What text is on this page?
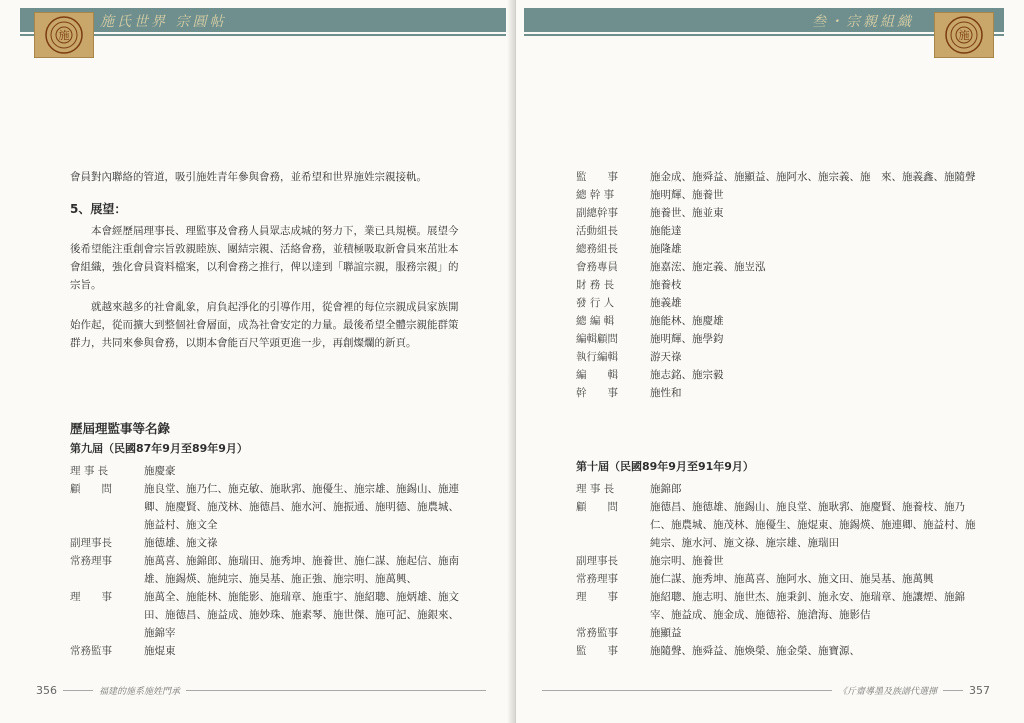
施
施氏世界 宗圓帖

會員對內聯絡的管道，吸引施姓青年參與會務，並希望和世界施姓宗親接軌。

5、展望：

本會經歷屆理事長、理監事及會務人員眾志成城的努力下，業已具規模。展望今後希望能注重創會宗旨敦親睦族、團結宗親、活絡會務，並積極吸取新會員來茁壯本會組織，強化會員資料檔案，以利會務之推行，俾以達到「聯誼宗親，服務宗親」的宗旨。

就越來越多的社會亂象，肩負起淨化的引導作用，從會裡的每位宗親成員家族開始作起，從而擴大到整個社會層面，成為社會安定的力量。最後希望全體宗親能群策群力，共同來參與會務，以期本會能百尺竿頭更進一步，再創燦爛的新頁。

歷屆理監事等名錄
第九屆（民國87年9月至89年9月）
理 事 長	施慶豪
顧　　問	施良堂、施乃仁、施克敏、施耿郛、施優生、施宗雄、施錫山、施連卿、施慶賢、施茂林、施德昌、施水河、施振通、施明德、施農城、施益村、施文全
副理事長	施德雄、施文祿
常務理事	施萬喜、施錦郎、施瑞田、施秀坤、施養世、施仁謀、施起信、施南雄、施錫煐、施純宗、施昊基、施正強、施宗明、施萬興、
理　　事	施萬全、施能林、施能影、施瑞章、施重宇、施紹聰、施炳雄、施文田、施德昌、施益成、施妙珠、施素琴、施世傑、施可記、施銀來、施錦宰
常務監事	施焜東
356	福建的施系施姓門承
叁・宗親組織
施
監　　事	施金成、施舜益、施顯益、施阿水、施宗義、施　來、施義鑫、施隨聲
總 幹 事	施明輝、施養世
副總幹事	施養世、施並東
活動組長	施能達
總務組長	施隆雄
會務專員	施嘉浤、施定義、施岦泓
財 務 長	施養枝
發 行 人	施義雄
總 編 輯	施能林、施慶雄
編輯顧問	施明輝、施學鈞
執行編輯	游天祿
編　　輯	施志銘、施宗毅
幹　　事	施性和
第十屆（民國89年9月至91年9月）
理 事 長	施錦郎
顧　　問	施德昌、施德雄、施錫山、施良堂、施耿郛、施慶賢、施養枝、施乃仁、施農城、施茂林、施優生、施焜東、施錫煐、施連卿、施益村、施純宗、施水河、施文祿、施宗雄、施瑞田
副理事長	施宗明、施養世
常務理事	施仁謀、施秀坤、施萬喜、施阿水、施文田、施昊基、施萬興
理　　事	施紹聰、施志明、施世杰、施秉釗、施永安、施瑞章、施讓煙、施錦宰、施益成、施金成、施德裕、施滄海、施影佶
常務監事	施顯益
監　　事	施隨聲、施舜益、施煥榮、施金榮、施寶源、
《斤齋導墨及族譜代選揮	357
